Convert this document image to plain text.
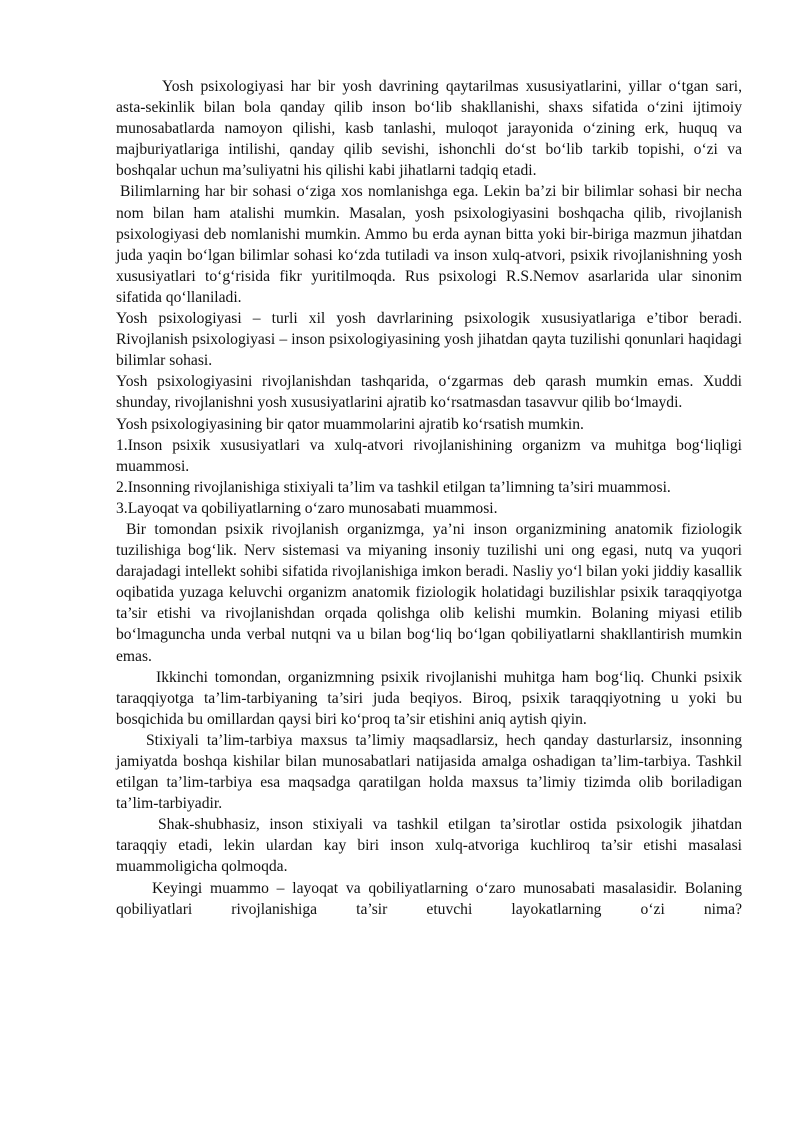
Yosh psixologiyasi har bir yosh davrining qaytarilmas xususiyatlarini, yillar o‘tgan sari, asta-sekinlik bilan bola qanday qilib inson bo‘lib shakllanishi, shaxs sifatida o‘zini ijtimoiy munosabatlarda namoyon qilishi, kasb tanlashi, muloqot jarayonida o‘zining erk, huquq va majburiyatlariga intilishi, qanday qilib sevishi, ishonchli do‘st bo‘lib tarkib topishi, o‘zi va boshqalar uchun ma’suliyatni his qilishi kabi jihatlarni tadqiq etadi.

Bilimlarning har bir sohasi o‘ziga xos nomlanishga ega. Lekin ba’zi bir bilimlar sohasi bir necha nom bilan ham atalishi mumkin. Masalan, yosh psixologiyasini boshqacha qilib, rivojlanish psixologiyasi deb nomlanishi mumkin. Ammo bu erda aynan bitta yoki bir-biriga mazmun jihatdan juda yaqin bo‘lgan bilimlar sohasi ko‘zda tutiladi va inson xulq-atvori, psixik rivojlanishning yosh xususiyatlari to‘g‘risida fikr yuritilmoqda. Rus psixologi R.S.Nemov asarlarida ular sinonim sifatida qo‘llaniladi.

Yosh psixologiyasi – turli xil yosh davrlarining psixologik xususiyatlariga e’tibor beradi. Rivojlanish psixologiyasi – inson psixologiyasining yosh jihatdan qayta tuzilishi qonunlari haqidagi bilimlar sohasi.

Yosh psixologiyasini rivojlanishdan tashqarida, o‘zgarmas deb qarash mumkin emas. Xuddi shunday, rivojlanishni yosh xususiyatlarini ajratib ko‘rsatmasdan tasavvur qilib bo‘lmaydi.

Yosh psixologiyasining bir qator muammolarini ajratib ko‘rsatish mumkin.

1.Inson psixik xususiyatlari va xulq-atvori rivojlanishining organizm va muhitga bog‘liqligi muammosi.

2.Insonning rivojlanishiga stixiyali ta’lim va tashkil etilgan ta’limning ta’siri muammosi.

3.Layoqat va qobiliyatlarning o‘zaro munosabati muammosi.

Bir tomondan psixik rivojlanish organizmga, ya’ni inson organizmining anatomik fiziologik tuzilishiga bog‘lik. Nerv sistemasi va miyaning insoniy tuzilishi uni ong egasi, nutq va yuqori darajadagi intellekt sohibi sifatida rivojlanishiga imkon beradi. Nasliy yo‘l bilan yoki jiddiy kasallik oqibatida yuzaga keluvchi organizm anatomik fiziologik holatidagi buzilishlar psixik taraqqiyotga ta’sir etishi va rivojlanishdan orqada qolishga olib kelishi mumkin. Bolaning miyasi etilib bo‘lmaguncha unda verbal nutqni va u bilan bog‘liq bo‘lgan qobiliyatlarni shakllantirish mumkin emas.

Ikkinchi tomondan, organizmning psixik rivojlanishi muhitga ham bog‘liq. Chunki psixik taraqqiyotga ta’lim-tarbiyaning ta’siri juda beqiyos. Biroq, psixik taraqqiyotning u yoki bu bosqichida bu omillardan qaysi biri ko‘proq ta’sir etishini aniq aytish qiyin.

Stixiyali ta’lim-tarbiya maxsus ta’limiy maqsadlarsiz, hech qanday dasturlarsiz, insonning jamiyatda boshqa kishilar bilan munosabatlari natijasida amalga oshadigan ta’lim-tarbiya. Tashkil etilgan ta’lim-tarbiya esa maqsadga qaratilgan holda maxsus ta’limiy tizimda olib boriladigan ta’lim-tarbiyadir.

Shak-shubhasiz, inson stixiyali va tashkil etilgan ta’sirotlar ostida psixologik jihatdan taraqqiy etadi, lekin ulardan kay biri inson xulq-atvoriga kuchliroq ta’sir etishi masalasi muammoligicha qolmoqda.

Keyingi muammo – layoqat va qobiliyatlarning o‘zaro munosabati masalasidir. Bolaning qobiliyatlari rivojlanishiga ta’sir etuvchi layokatlarning o‘zi nima?
